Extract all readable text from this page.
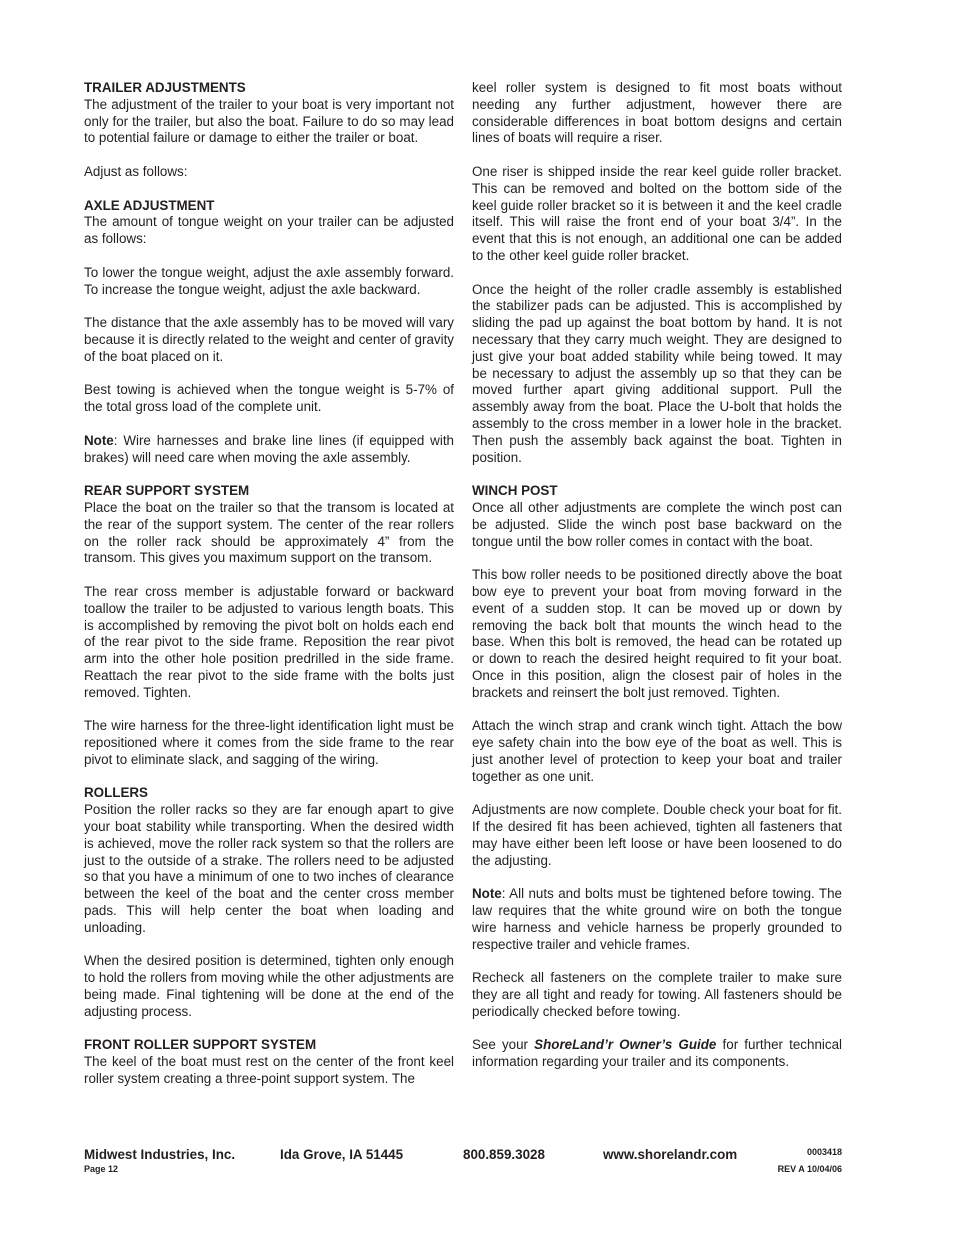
TRAILER ADJUSTMENTS

The adjustment of the trailer to your boat is very important not only for the trailer, but also the boat. Failure to do so may lead to potential failure or damage to either the trailer or boat.

Adjust as follows:

AXLE ADJUSTMENT

The amount of tongue weight on your trailer can be adjusted as follows:

To lower the tongue weight, adjust the axle assembly forward. To increase the tongue weight, adjust the axle backward.

The distance that the axle assembly has to be moved will vary because it is directly related to the weight and center of gravity of the boat placed on it.

Best towing is achieved when the tongue weight is 5-7% of the total gross load of the complete unit.

Note: Wire harnesses and brake line lines (if equipped with brakes) will need care when moving the axle assembly.

REAR SUPPORT SYSTEM

Place the boat on the trailer so that the transom is located at the rear of the support system. The center of the rear rollers on the roller rack should be approximately 4” from the transom. This gives you maximum support on the transom.

The rear cross member is adjustable forward or backward toallow the trailer to be adjusted to various length boats. This is accomplished by removing the pivot bolt on holds each end of the rear pivot to the side frame. Reposition the rear pivot arm into the other hole position predrilled in the side frame. Reattach the rear pivot to the side frame with the bolts just removed. Tighten.

The wire harness for the three-light identification light must be repositioned where it comes from the side frame to the rear pivot to eliminate slack, and sagging of the wiring.

ROLLERS

Position the roller racks so they are far enough apart to give your boat stability while transporting. When the desired width is achieved, move the roller rack system so that the rollers are just to the outside of a strake. The rollers need to be adjusted so that you have a minimum of one to two inches of clearance between the keel of the boat and the center cross member pads. This will help center the boat when loading and unloading.

When the desired position is determined, tighten only enough to hold the rollers from moving while the other adjustments are being made. Final tightening will be done at the end of the adjusting process.

FRONT ROLLER SUPPORT SYSTEM

The keel of the boat must rest on the center of the front keel roller system creating a three-point support system. The

keel roller system is designed to fit most boats without needing any further adjustment, however there are considerable differences in boat bottom designs and certain lines of boats will require a riser.

One riser is shipped inside the rear keel guide roller bracket. This can be removed and bolted on the bottom side of the keel guide roller bracket so it is between it and the keel cradle itself. This will raise the front end of your boat 3/4”. In the event that this is not enough, an additional one can be added to the other keel guide roller bracket.

Once the height of the roller cradle assembly is established the stabilizer pads can be adjusted. This is accomplished by sliding the pad up against the boat bottom by hand. It is not necessary that they carry much weight. They are designed to just give your boat added stability while being towed. It may be necessary to adjust the assembly up so that they can be moved further apart giving additional support. Pull the assembly away from the boat. Place the U-bolt that holds the assembly to the cross member in a lower hole in the bracket. Then push the assembly back against the boat. Tighten in position.

WINCH POST

Once all other adjustments are complete the winch post can be adjusted. Slide the winch post base backward on the tongue until the bow roller comes in contact with the boat.

This bow roller needs to be positioned directly above the boat bow eye to prevent your boat from moving forward in the event of a sudden stop. It can be moved up or down by removing the back bolt that mounts the winch head to the base. When this bolt is removed, the head can be rotated up or down to reach the desired height required to fit your boat. Once in this position, align the closest pair of holes in the brackets and reinsert the bolt just removed. Tighten.

Attach the winch strap and crank winch tight. Attach the bow eye safety chain into the bow eye of the boat as well. This is just another level of protection to keep your boat and trailer together as one unit.

Adjustments are now complete. Double check your boat for fit. If the desired fit has been achieved, tighten all fasteners that may have either been left loose or have been loosened to do the adjusting.

Note: All nuts and bolts must be tightened before towing. The law requires that the white ground wire on both the tongue wire harness and vehicle harness be properly grounded to respective trailer and vehicle frames.

Recheck all fasteners on the complete trailer to make sure they are all tight and ready for towing. All fasteners should be periodically checked before towing.

See your ShoreLand’r Owner’s Guide for further technical information regarding your trailer and its components.

Midwest Industries, Inc.	Ida Grove, IA 51445	800.859.3028	www.shorelandr.com	0003418
Page 12	REV A 10/04/06
